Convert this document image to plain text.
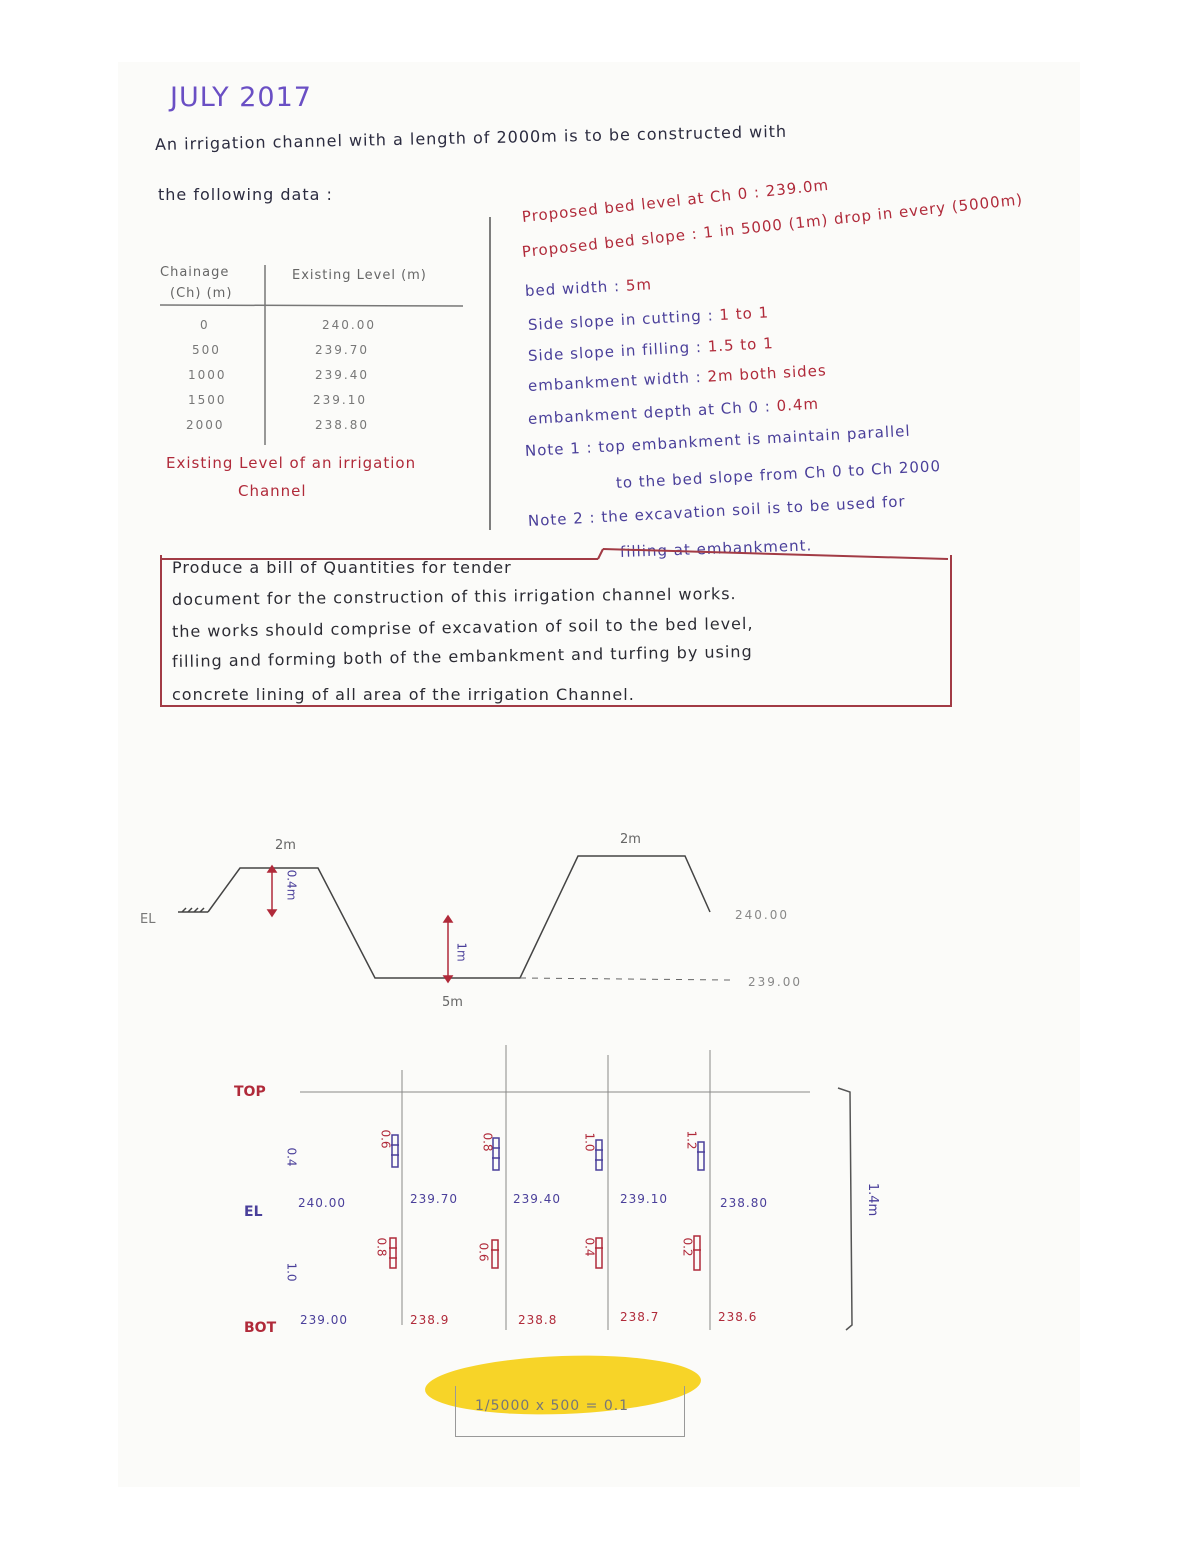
JULY 2017
An irrigation channel with a length of 2000m is to be constructed with
the following data :
Chainage
(Ch) (m)
Existing Level (m)
0	240.00
500	239.70
1000	239.40
1500	239.10
2000	238.80
Existing Level of an irrigation
Channel
Proposed bed level at Ch 0 : 239.0m
Proposed bed slope : 1 in 5000 (1m) drop in every (5000m)
bed width : 5m
Side slope in cutting : 1 to 1
Side slope in filling : 1.5 to 1
embankment width : 2m both sides
embankment depth at Ch 0 : 0.4m
Note 1 : top embankment is maintain parallel
to the bed slope from Ch 0 to Ch 2000
Note 2 : the excavation soil is to be used for
filling at embankment.
Produce a bill of Quantities for tender
document for the construction of this irrigation channel works.
the works should comprise of excavation of soil to the bed level,
filling and forming both of the embankment and turfing by using
concrete lining of all area of the irrigation Channel.
EL
2m	2m
0.4m
1m
5m
240.00
239.00
TOP
EL
BOT
0.4
1.0
0.6	0.8	1.0	1.2
0.8	0.6	0.4	0.2
240.00	239.70	239.40	239.10	238.80
239.00	238.9	238.8	238.7	238.6
1.4m
1/5000 x 500 = 0.1
